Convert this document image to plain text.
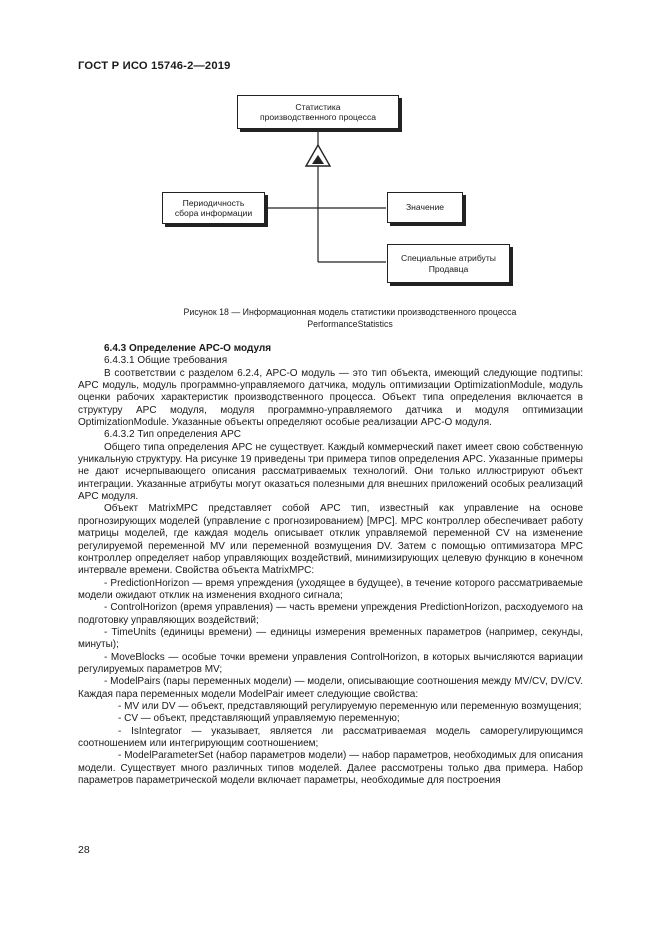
ГОСТ Р ИСО 15746-2—2019
Статистика
производственного процесса
Периодичность
сбора информации
Значение
Специальные атрибуты
Продавца
Рисунок 18 — Информационная модель статистики производственного процесса
PerformanceStatistics

6.4.3 Определение APC-O модуля

6.4.3.1 Общие требования

В соответствии с разделом 6.2.4, APC-O модуль — это тип объекта, имеющий следующие подтипы: APC модуль, модуль программно-управляемого датчика, модуль оптимизации OptimizationModule, модуль оценки рабочих характеристик производственного процесса. Объект типа определения включается в структуру APC модуля, модуля программно-управляемого датчика и модуля оптимизации OptimizationModule. Указанные объекты определяют особые реализации APC-O модуля.

6.4.3.2 Тип определения APC

Общего типа определения APC не существует. Каждый коммерческий пакет имеет свою собственную уникальную структуру. На рисунке 19 приведены три примера типов определения APC. Указанные примеры не дают исчерпывающего описания рассматриваемых технологий. Они только иллюстрируют объект интеграции. Указанные атрибуты могут оказаться полезными для внешних приложений особых реализаций APC модуля.

Объект MatrixMPC представляет собой APC тип, известный как управление на основе прогнозирующих моделей (управление с прогнозированием) [MPC]. MPC контроллер обеспечивает работу матрицы моделей, где каждая модель описывает отклик управляемой переменной CV на изменение регулируемой переменной MV или переменной возмущения DV. Затем с помощью оптимизатора MPC контроллер определяет набор управляющих воздействий, минимизирующих целевую функцию в конечном интервале времени. Свойства объекта MatrixMPC:

- PredictionHorizon — время упреждения (уходящее в будущее), в течение которого рассматриваемые модели ожидают отклик на изменения входного сигнала;

- ControlHorizon (время управления) — часть времени упреждения PredictionHorizon, расходуемого на подготовку управляющих воздействий;

- TimeUnits (единицы времени) — единицы измерения временных параметров (например, секунды, минуты);

- MoveBlocks — особые точки времени управления ControlHorizon, в которых вычисляются вариации регулируемых параметров MV;

- ModelPairs (пары переменных модели) — модели, описывающие соотношения между MV/CV, DV/CV. Каждая пара переменных модели ModelPair имеет следующие свойства:

- MV или DV — объект, представляющий регулируемую переменную или переменную возмущения;

- CV — объект, представляющий управляемую переменную;

- IsIntegrator — указывает, является ли рассматриваемая модель саморегулирующимся соотношением или интегрирующим соотношением;

- ModelParameterSet (набор параметров модели) — набор параметров, необходимых для описания модели. Существует много различных типов моделей. Далее рассмотрены только два примера. Набор параметров параметрической модели включает параметры, необходимые для построения

28
